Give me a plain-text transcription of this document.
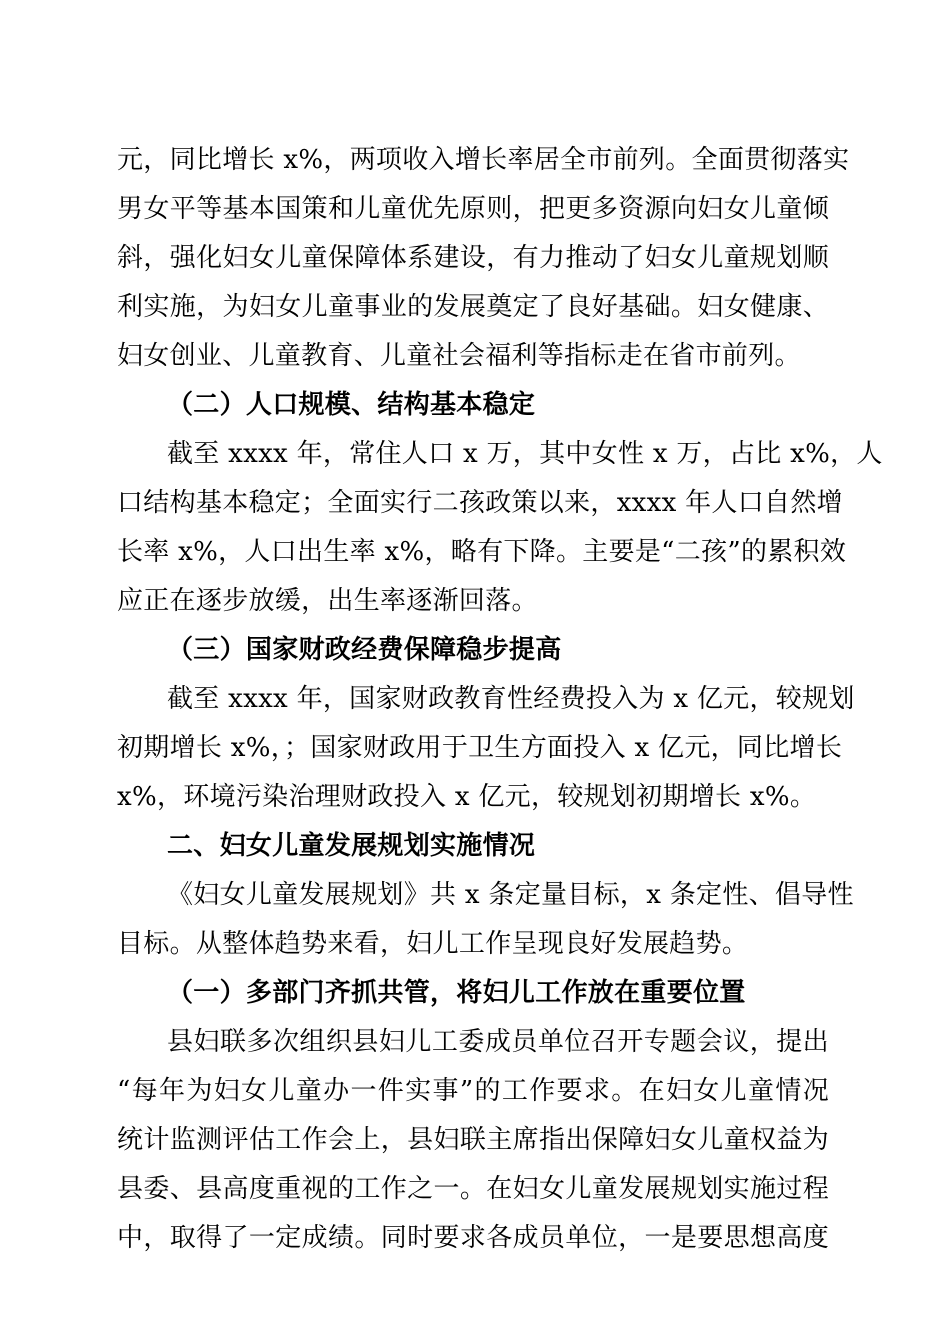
元，同比增长 x%，两项收入增长率居全市前列。全面贯彻落实
男女平等基本国策和儿童优先原则，把更多资源向妇女儿童倾
斜，强化妇女儿童保障体系建设，有力推动了妇女儿童规划顺
利实施，为妇女儿童事业的发展奠定了良好基础。妇女健康、
妇女创业、儿童教育、儿童社会福利等指标走在省市前列。
（二）人口规模、结构基本稳定
截至 xxxx 年，常住人口 x 万，其中女性 x 万，占比 x%，人
口结构基本稳定；全面实行二孩政策以来，xxxx 年人口自然增
长率 x%，人口出生率 x%，略有下降。主要是“二孩”的累积效
应正在逐步放缓，出生率逐渐回落。
（三）国家财政经费保障稳步提高
截至 xxxx 年，国家财政教育性经费投入为 x 亿元，较规划
初期增长 x%，；国家财政用于卫生方面投入 x 亿元，同比增长
x%，环境污染治理财政投入 x 亿元，较规划初期增长 x%。
二、妇女儿童发展规划实施情况
《妇女儿童发展规划》共 x 条定量目标，x 条定性、倡导性
目标。从整体趋势来看，妇儿工作呈现良好发展趋势。
（一）多部门齐抓共管，将妇儿工作放在重要位置
县妇联多次组织县妇儿工委成员单位召开专题会议，提出
“每年为妇女儿童办一件实事”的工作要求。在妇女儿童情况
统计监测评估工作会上，县妇联主席指出保障妇女儿童权益为
县委、县高度重视的工作之一。在妇女儿童发展规划实施过程
中，取得了一定成绩。同时要求各成员单位，一是要思想高度
